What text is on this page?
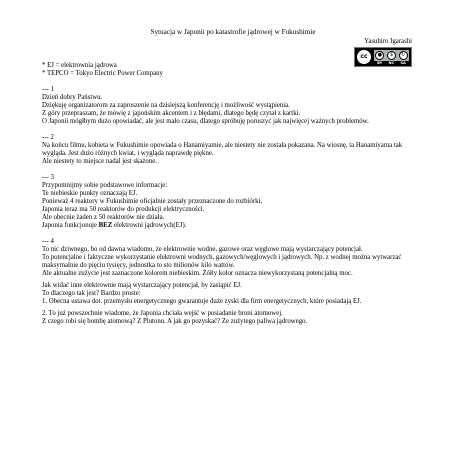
Sytuacja w Japonii po katastrofie jądrowej w Fukushimie
Yasuhiro Igarashi
cc	●	$	↻
BY NC SA
* EJ = elektrownia jądrowa
* TEPCO = Tokyo Electric Power Company

--- 1

Dzień dobry Państwu.

Dziękuję organizatorom za zaproszenie na dzisiejszą konferencję i możliwość wystąpienia.

Z góry przepraszam, że mówię z japońskim akcentem i z błędami, dlatego będę czytał z kartki.

O Japonii mógłbym dużo opowiadać, ale jest mało czasu, dlatego spróbuję poruszyć jak najwięcej ważnych problemów.

--- 2

Na końcu filmu, kobieta w Fukushimie opowiada o Hanamiyamie, ale niestety nie została pokazana. Na wiosnę, ta Hanamiyama tak wygląda. Jest dużo różnych kwiat, i wygląda naprawdę piękne.

Ale niestety to miejsce nadal jest skażone.

--- 3

Przypomnijmy sobie podstawowe informacje:

Te niebieskie punkty oznaczają EJ.

Ponieważ 4 reaktory w Fukushimie oficjalnie zostały przeznaczone do rozbiórki,

Japonia teraz ma 50 reaktorów do produkcji elektryczności.

Ale obecnie żaden z 50 reaktorów nie działa.

Japonia funkcjonuje BEZ elektrowni jądrowych(EJ).

--- 4

To nic dziwnego, bo od dawna wiadomo, że elektrownie wodne, gazowe oraz węglowe mają wystarczający potencjał.

To potencjalne i faktyczne wykorzystanie elektrowni wodnych, gazowych/węglowych i jądrowych. Np. z wodnej można wytwarzać maksymalnie do pięciu tysięcy, jednostka to sto milionów kilo wattów.

Ale aktualne zużycie jest zaznaczone kolorem niebieskim. Żółty kolor oznacza niewykorzystaną potencjalną moc.

Jak widać inne elektrownie mają wystarczający potencjał, by zastąpić EJ.

To dlaczego tak jest? Bardzo proste:

1. Obecna ustawa dot. przemysłu energetycznego gwarantuje duże zyski dla firm energetycznych, które posiadają EJ.

2. To już powszechnie wiadome, że Japonia chciała wejść w posiadanie broni atomowej.

Z czego robi się bombę atomową? Z Plutonu. A jak go pozyskać? Ze zużytego paliwa jądrowego.
